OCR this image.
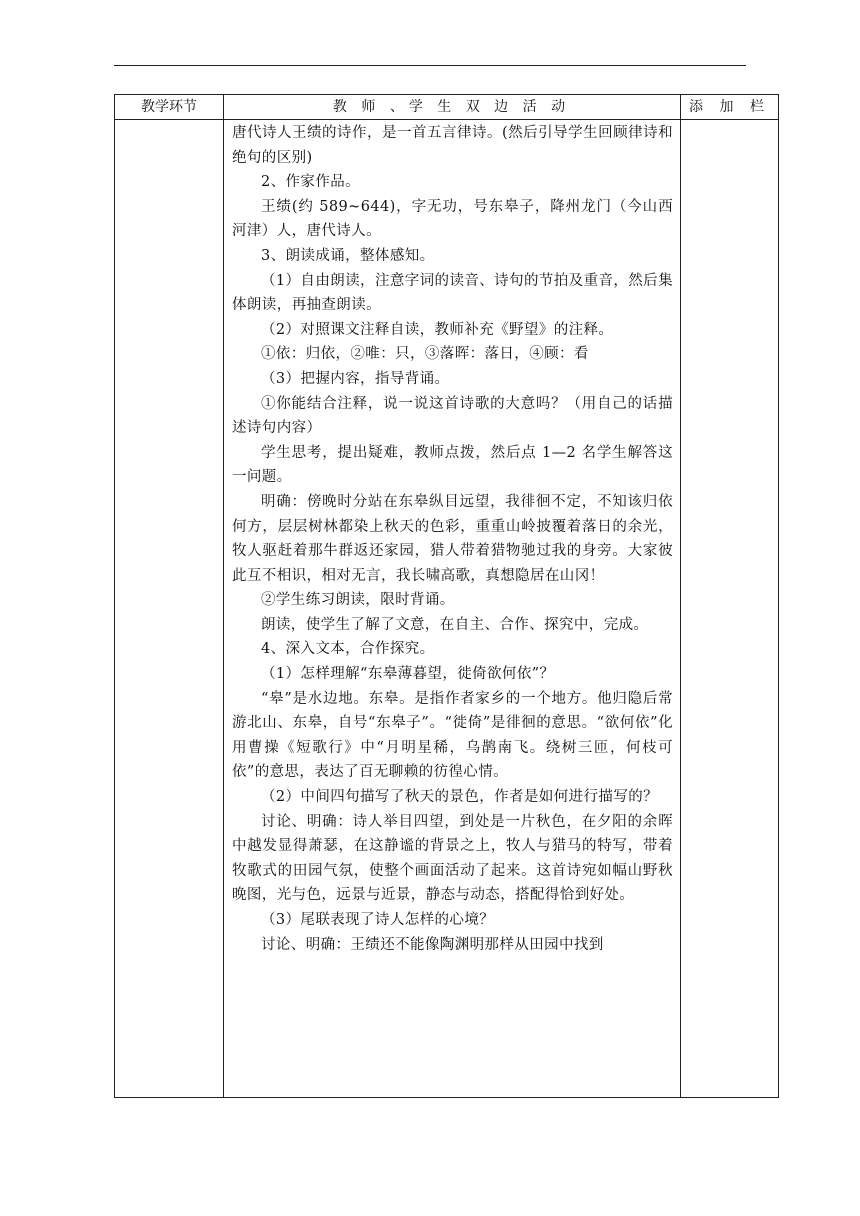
教学环节	教 师 、学 生 双 边 活 动	添 加 栏

唐代诗人王绩的诗作，是一首五言律诗。(然后引导学生回顾律诗和绝句的区别)

2、作家作品。

王绩(约 589~644)，字无功，号东皋子，降州龙门（今山西河津）人，唐代诗人。

3、朗读成诵，整体感知。

（1）自由朗读，注意字词的读音、诗句的节拍及重音，然后集体朗读，再抽查朗读。

（2）对照课文注释自读，教师补充《野望》的注释。

①依：归依，②唯：只，③落晖：落日，④顾：看

（3）把握内容，指导背诵。

①你能结合注释，说一说这首诗歌的大意吗？（用自己的话描述诗句内容）

学生思考，提出疑难，教师点拨，然后点 1—2 名学生解答这一问题。

明确：傍晚时分站在东皋纵目远望，我徘徊不定，不知该归依何方，层层树林都染上秋天的色彩，重重山岭披覆着落日的余光，牧人驱赶着那牛群返还家园，猎人带着猎物驰过我的身旁。大家彼此互不相识，相对无言，我长啸高歌，真想隐居在山冈！

②学生练习朗读，限时背诵。

朗读，使学生了解了文意，在自主、合作、探究中，完成。

4、深入文本，合作探究。

（1）怎样理解“东皋薄暮望，徙倚欲何依”？

“皋”是水边地。东皋。是指作者家乡的一个地方。他归隐后常游北山、东皋，自号“东皋子”。“徙倚”是徘徊的意思。“欲何依”化用曹操《短歌行》中“月明星稀，乌鹊南飞。绕树三匝，何枝可依”的意思，表达了百无聊赖的彷徨心情。

（2）中间四句描写了秋天的景色，作者是如何进行描写的？

讨论、明确：诗人举目四望，到处是一片秋色，在夕阳的余晖中越发显得萧瑟，在这静谧的背景之上，牧人与猎马的特写，带着牧歌式的田园气氛，使整个画面活动了起来。这首诗宛如幅山野秋晚图，光与色，远景与近景，静态与动态，搭配得恰到好处。

（3）尾联表现了诗人怎样的心境？

讨论、明确：王绩还不能像陶渊明那样从田园中找到
